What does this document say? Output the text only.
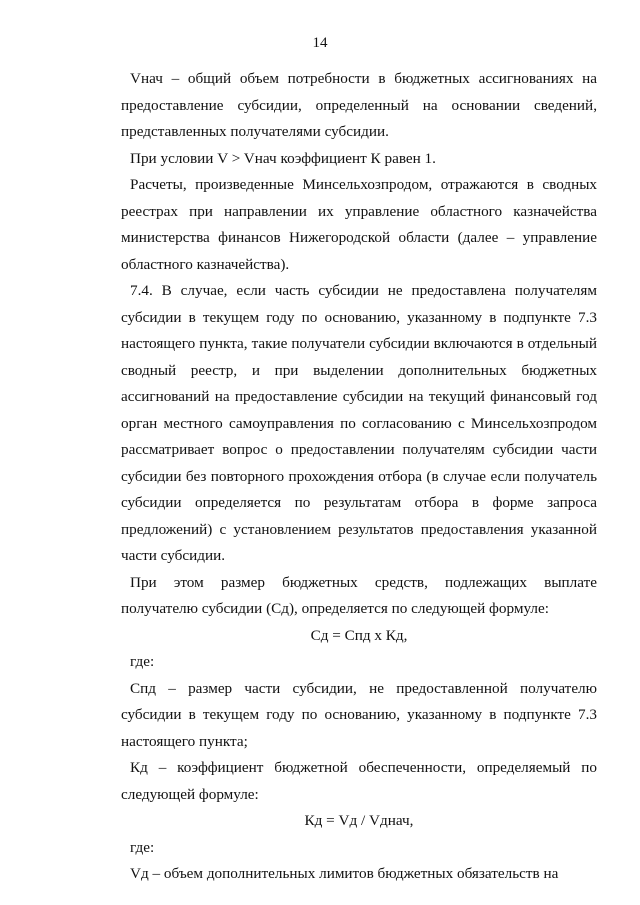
14

Vнач – общий объем потребности в бюджетных ассигнованиях на предоставление субсидии, определенный на основании сведений, представленных получателями субсидии.

При условии V > Vнач коэффициент К равен 1.

Расчеты, произведенные Минсельхозпродом, отражаются в сводных реестрах при направлении их управление областного казначейства министерства финансов Нижегородской области (далее – управление областного казначейства).

7.4. В случае, если часть субсидии не предоставлена получателям субсидии в текущем году по основанию, указанному в подпункте 7.3 настоящего пункта, такие получатели субсидии включаются в отдельный сводный реестр, и при выделении дополнительных бюджетных ассигнований на предоставление субсидии на текущий финансовый год орган местного самоуправления по согласованию с Минсельхозпродом рассматривает вопрос о предоставлении получателям субсидии части субсидии без повторного прохождения отбора (в случае если получатель субсидии определяется по результатам отбора в форме запроса предложений) с установлением результатов предоставления указанной части субсидии.

При этом размер бюджетных средств, подлежащих выплате получателю субсидии (Сд), определяется по следующей формуле:

Сд = Спд х Кд,

где:

Спд – размер части субсидии, не предоставленной получателю субсидии в текущем году по основанию, указанному в подпункте 7.3 настоящего пункта;

Кд – коэффициент бюджетной обеспеченности, определяемый по следующей формуле:

Кд = Vд / Vднач,

где:

Vд – объем дополнительных лимитов бюджетных обязательств на
